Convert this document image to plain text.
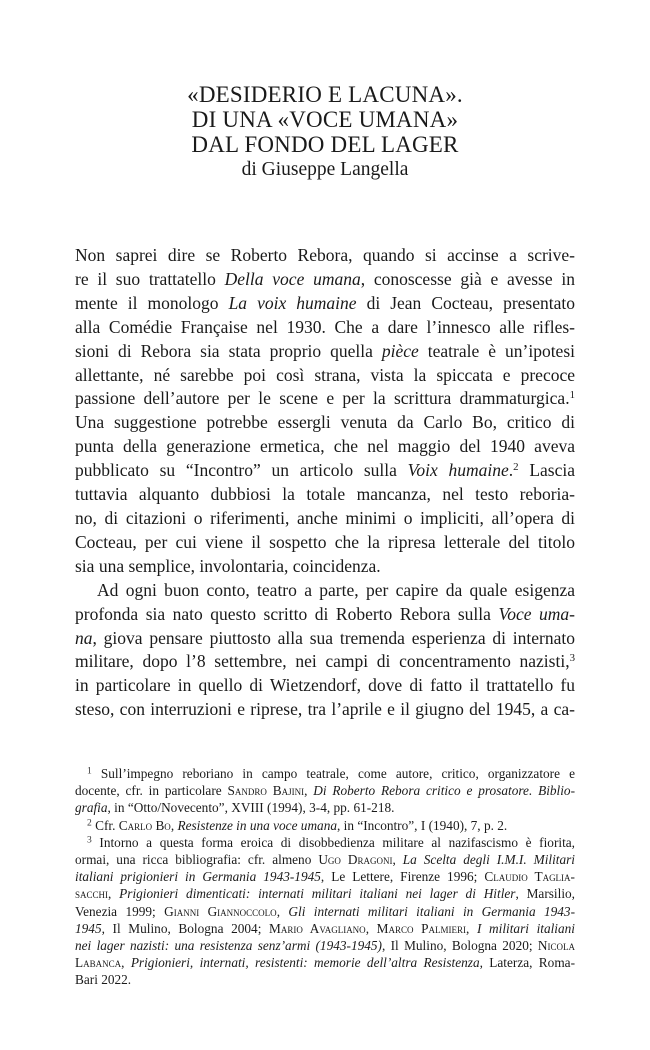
«DESIDERIO E LACUNA».
DI UNA «VOCE UMANA»
DAL FONDO DEL LAGER
di Giuseppe Langella
Non saprei dire se Roberto Rebora, quando si accinse a scrive-
re il suo trattatello Della voce umana, conoscesse già e avesse in
mente il monologo La voix humaine di Jean Cocteau, presentato
alla Comédie Française nel 1930. Che a dare l’innesco alle rifles-
sioni di Rebora sia stata proprio quella pièce teatrale è un’ipotesi
allettante, né sarebbe poi così strana, vista la spiccata e precoce
passione dell’autore per le scene e per la scrittura drammaturgica.$^1$
Una suggestione potrebbe essergli venuta da Carlo Bo, critico di
punta della generazione ermetica, che nel maggio del 1940 aveva
pubblicato su “Incontro” un articolo sulla Voix humaine.$^2$ Lascia
tuttavia alquanto dubbiosi la totale mancanza, nel testo reboria-
no, di citazioni o riferimenti, anche minimi o impliciti, all’opera di
Cocteau, per cui viene il sospetto che la ripresa letterale del titolo
sia una semplice, involontaria, coincidenza.
Ad ogni buon conto, teatro a parte, per capire da quale esigenza
profonda sia nato questo scritto di Roberto Rebora sulla Voce uma-
na, giova pensare piuttosto alla sua tremenda esperienza di internato
militare, dopo l’8 settembre, nei campi di concentramento nazisti,$^3$
in particolare in quello di Wietzendorf, dove di fatto il trattatello fu
steso, con interruzioni e riprese, tra l’aprile e il giugno del 1945, a ca-
$^1$ Sull’impegno reboriano in campo teatrale, come autore, critico, organizzatore e
docente, cfr. in particolare Sandro Bajini, Di Roberto Rebora critico e prosatore. Biblio-
grafia, in “Otto/Novecento”, XVIII (1994), 3-4, pp. 61-218.
$^2$ Cfr. Carlo Bo, Resistenze in una voce umana, in “Incontro”, I (1940), 7, p. 2.
$^3$ Intorno a questa forma eroica di disobbedienza militare al nazifascismo è fiorita,
ormai, una ricca bibliografia: cfr. almeno Ugo Dragoni, La Scelta degli I.M.I. Militari
italiani prigionieri in Germania 1943-1945, Le Lettere, Firenze 1996; Claudio Taglia-
sacchi, Prigionieri dimenticati: internati militari italiani nei lager di Hitler, Marsilio,
Venezia 1999; Gianni Giannoccolo, Gli internati militari italiani in Germania 1943-
1945, Il Mulino, Bologna 2004; Mario Avagliano, Marco Palmieri, I militari italiani
nei lager nazisti: una resistenza senz’armi (1943-1945), Il Mulino, Bologna 2020; Nicola
Labanca, Prigionieri, internati, resistenti: memorie dell’altra Resistenza, Laterza, Roma-
Bari 2022.
